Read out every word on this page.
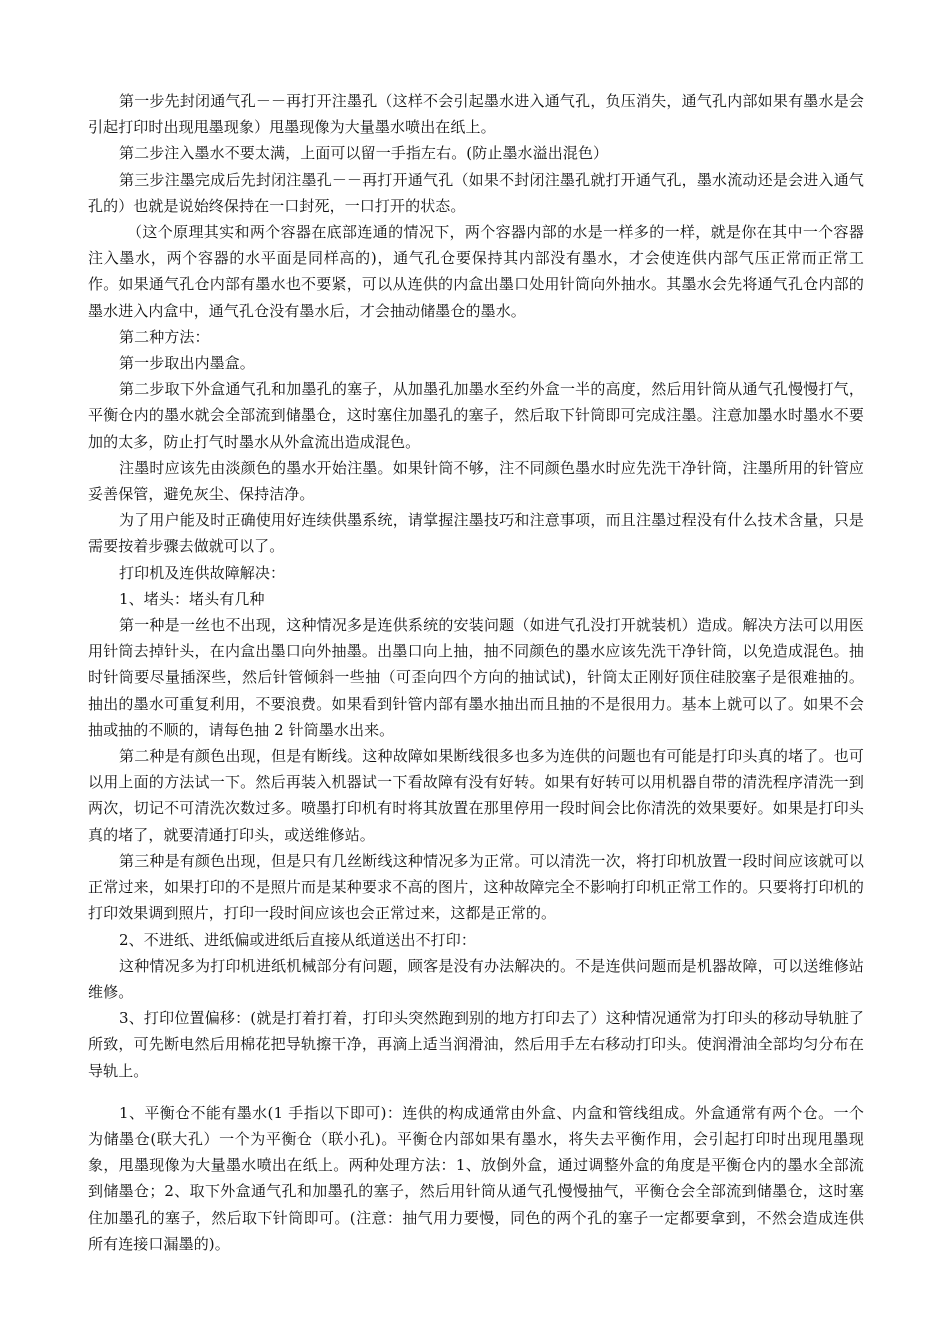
第一步先封闭通气孔－－再打开注墨孔（这样不会引起墨水进入通气孔，负压消失，通气孔内部如果有墨水是会引起打印时出现甩墨现象）甩墨现像为大量墨水喷出在纸上。

第二步注入墨水不要太满，上面可以留一手指左右。(防止墨水溢出混色）

第三步注墨完成后先封闭注墨孔－－再打开通气孔（如果不封闭注墨孔就打开通气孔，墨水流动还是会进入通气孔的）也就是说始终保持在一口封死，一口打开的状态。

（这个原理其实和两个容器在底部连通的情况下，两个容器内部的水是一样多的一样，就是你在其中一个容器注入墨水，两个容器的水平面是同样高的)，通气孔仓要保持其内部没有墨水，才会使连供内部气压正常而正常工作。如果通气孔仓内部有墨水也不要紧，可以从连供的内盒出墨口处用针筒向外抽水。其墨水会先将通气孔仓内部的墨水进入内盒中，通气孔仓没有墨水后，才会抽动储墨仓的墨水。

第二种方法：

第一步取出内墨盒。

第二步取下外盒通气孔和加墨孔的塞子，从加墨孔加墨水至约外盒一半的高度，然后用针筒从通气孔慢慢打气，平衡仓内的墨水就会全部流到储墨仓，这时塞住加墨孔的塞子，然后取下针筒即可完成注墨。注意加墨水时墨水不要加的太多，防止打气时墨水从外盒流出造成混色。

注墨时应该先由淡颜色的墨水开始注墨。如果针筒不够，注不同颜色墨水时应先洗干净针筒，注墨所用的针管应妥善保管，避免灰尘、保持洁净。

为了用户能及时正确使用好连续供墨系统，请掌握注墨技巧和注意事项，而且注墨过程没有什么技术含量，只是需要按着步骤去做就可以了。

打印机及连供故障解决：

1、堵头：堵头有几种

第一种是一丝也不出现，这种情况多是连供系统的安装问题（如进气孔没打开就装机）造成。解决方法可以用医用针筒去掉针头，在内盒出墨口向外抽墨。出墨口向上抽，抽不同颜色的墨水应该先洗干净针筒，以免造成混色。抽时针筒要尽量插深些，然后针管倾斜一些抽（可歪向四个方向的抽试试)，针筒太正刚好顶住硅胶塞子是很难抽的。抽出的墨水可重复利用，不要浪费。如果看到针管内部有墨水抽出而且抽的不是很用力。基本上就可以了。如果不会抽或抽的不顺的，请每色抽 2 针筒墨水出来。

第二种是有颜色出现，但是有断线。这种故障如果断线很多也多为连供的问题也有可能是打印头真的堵了。也可以用上面的方法试一下。然后再装入机器试一下看故障有没有好转。如果有好转可以用机器自带的清洗程序清洗一到两次，切记不可清洗次数过多。喷墨打印机有时将其放置在那里停用一段时间会比你清洗的效果要好。如果是打印头真的堵了，就要清通打印头，或送维修站。

第三种是有颜色出现，但是只有几丝断线这种情况多为正常。可以清洗一次，将打印机放置一段时间应该就可以正常过来，如果打印的不是照片而是某种要求不高的图片，这种故障完全不影响打印机正常工作的。只要将打印机的打印效果调到照片，打印一段时间应该也会正常过来，这都是正常的。

2、不进纸、进纸偏或进纸后直接从纸道送出不打印：

这种情况多为打印机进纸机械部分有问题，顾客是没有办法解决的。不是连供问题而是机器故障，可以送维修站维修。

3、打印位置偏移：(就是打着打着，打印头突然跑到别的地方打印去了）这种情况通常为打印头的移动导轨脏了所致，可先断电然后用棉花把导轨擦干净，再滴上适当润滑油，然后用手左右移动打印头。使润滑油全部均匀分布在导轨上。

1、平衡仓不能有墨水(1 手指以下即可)：连供的构成通常由外盒、内盒和管线组成。外盒通常有两个仓。一个为储墨仓(联大孔）一个为平衡仓（联小孔)。平衡仓内部如果有墨水，将失去平衡作用，会引起打印时出现甩墨现象，甩墨现像为大量墨水喷出在纸上。两种处理方法：1、放倒外盒，通过调整外盒的角度是平衡仓内的墨水全部流到储墨仓；2、取下外盒通气孔和加墨孔的塞子，然后用针筒从通气孔慢慢抽气，平衡仓会全部流到储墨仓，这时塞住加墨孔的塞子，然后取下针筒即可。(注意：抽气用力要慢，同色的两个孔的塞子一定都要拿到，不然会造成连供所有连接口漏墨的)。
